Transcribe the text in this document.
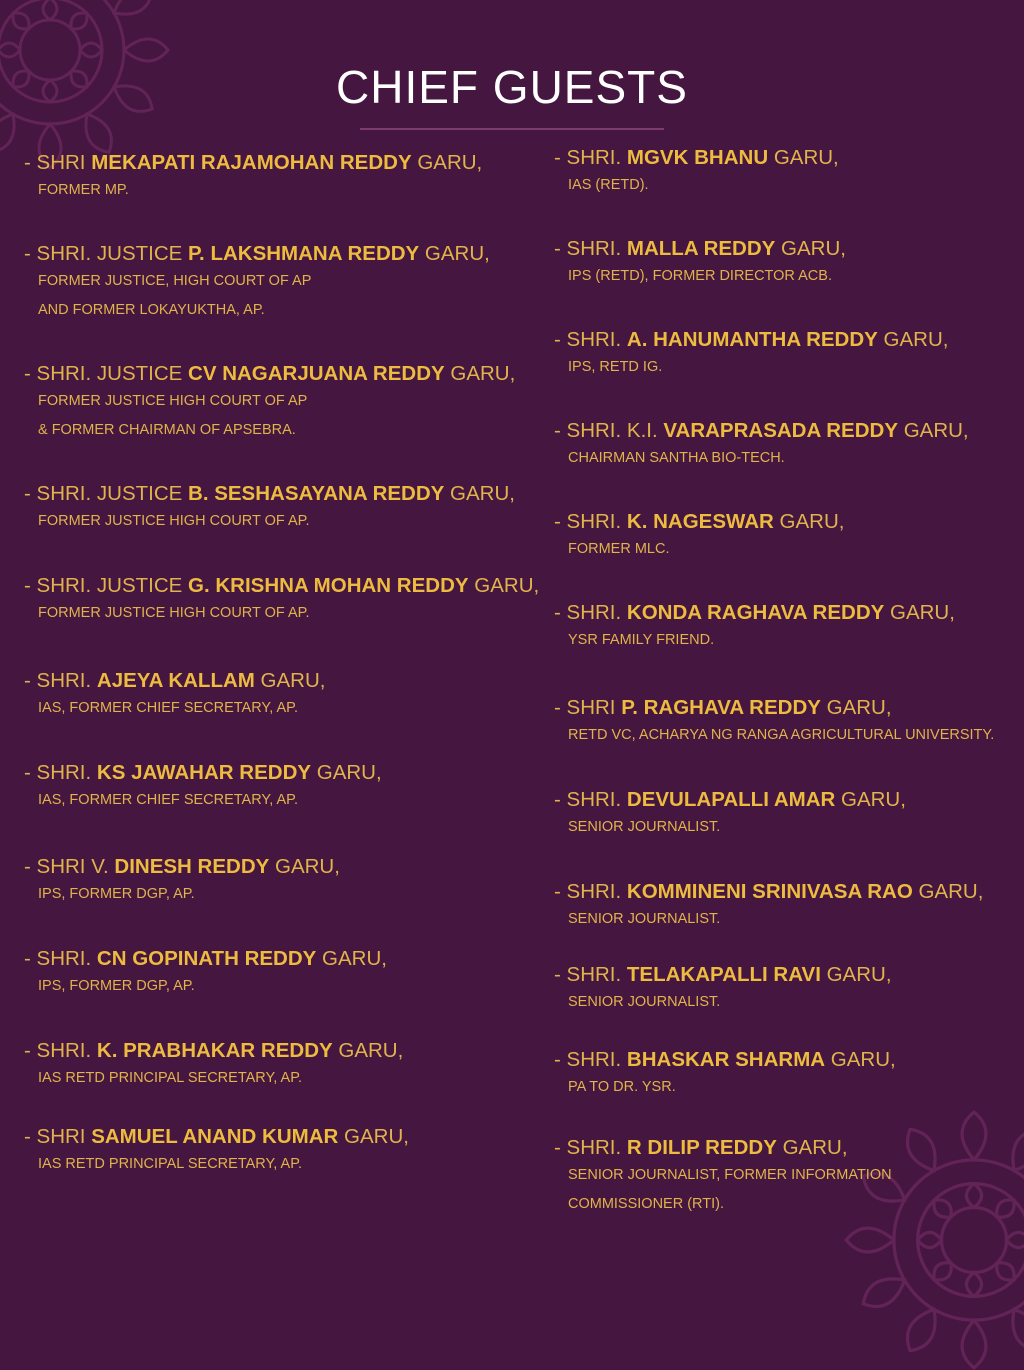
CHIEF GUESTS
- SHRI MEKAPATI RAJAMOHAN REDDY GARU,
FORMER MP.
- SHRI. JUSTICE P. LAKSHMANA REDDY GARU,
FORMER JUSTICE, HIGH COURT OF AP
AND FORMER LOKAYUKTHA, AP.
- SHRI. JUSTICE CV NAGARJUANA REDDY GARU,
FORMER JUSTICE HIGH COURT OF AP
& FORMER CHAIRMAN OF APSEBRA.
- SHRI. JUSTICE B. SESHASAYANA REDDY GARU,
FORMER JUSTICE HIGH COURT OF AP.
- SHRI. JUSTICE G. KRISHNA MOHAN REDDY GARU,
FORMER JUSTICE HIGH COURT OF AP.
- SHRI. AJEYA KALLAM GARU,
IAS, FORMER CHIEF SECRETARY, AP.
- SHRI. KS JAWAHAR REDDY GARU,
IAS, FORMER CHIEF SECRETARY, AP.
- SHRI V. DINESH REDDY GARU,
IPS, FORMER DGP, AP.
- SHRI. CN GOPINATH REDDY GARU,
IPS, FORMER DGP, AP.
- SHRI. K. PRABHAKAR REDDY GARU,
IAS RETD PRINCIPAL SECRETARY, AP.
- SHRI SAMUEL ANAND KUMAR GARU,
IAS RETD PRINCIPAL SECRETARY, AP.
- SHRI. MGVK BHANU GARU,
IAS (RETD).
- SHRI. MALLA REDDY GARU,
IPS (RETD), FORMER DIRECTOR ACB.
- SHRI. A. HANUMANTHA REDDY GARU,
IPS, RETD IG.
- SHRI. K.I. VARAPRASADA REDDY GARU,
CHAIRMAN SANTHA BIO-TECH.
- SHRI. K. NAGESWAR GARU,
FORMER MLC.
- SHRI. KONDA RAGHAVA REDDY GARU,
YSR FAMILY FRIEND.
- SHRI P. RAGHAVA REDDY GARU,
RETD VC, ACHARYA NG RANGA AGRICULTURAL UNIVERSITY.
- SHRI. DEVULAPALLI AMAR GARU,
SENIOR JOURNALIST.
- SHRI. KOMMINENI SRINIVASA RAO GARU,
SENIOR JOURNALIST.
- SHRI. TELAKAPALLI RAVI GARU,
SENIOR JOURNALIST.
- SHRI. BHASKAR SHARMA GARU,
PA TO DR. YSR.
- SHRI. R DILIP REDDY GARU,
SENIOR JOURNALIST, FORMER INFORMATION
COMMISSIONER (RTI).
